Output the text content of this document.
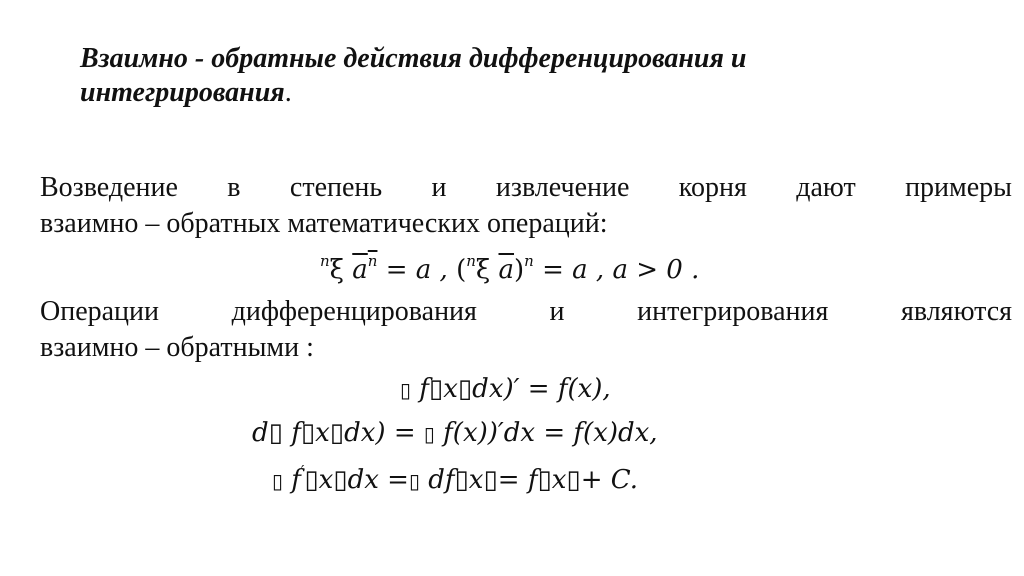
Взаимно - обратные действия дифференцирования и
интегрирования.
Возведение в степень и извлечение корня дают примеры
взаимно – обратных математических операций:
$^n$ξ $a^n = a$ , ($^n$ξ $\overline{a})^n = a$ , a > 0 .
Операции дифференцирования и интегрирования являются
взаимно – обратными :
▯ f▯x▯dx)′ = f(x),
d▯ f▯x▯dx) = ▯ f(x))′dx = f(x)dx,
▯ f′▯x▯dx =▯ df▯x▯= f▯x▯+ C.
